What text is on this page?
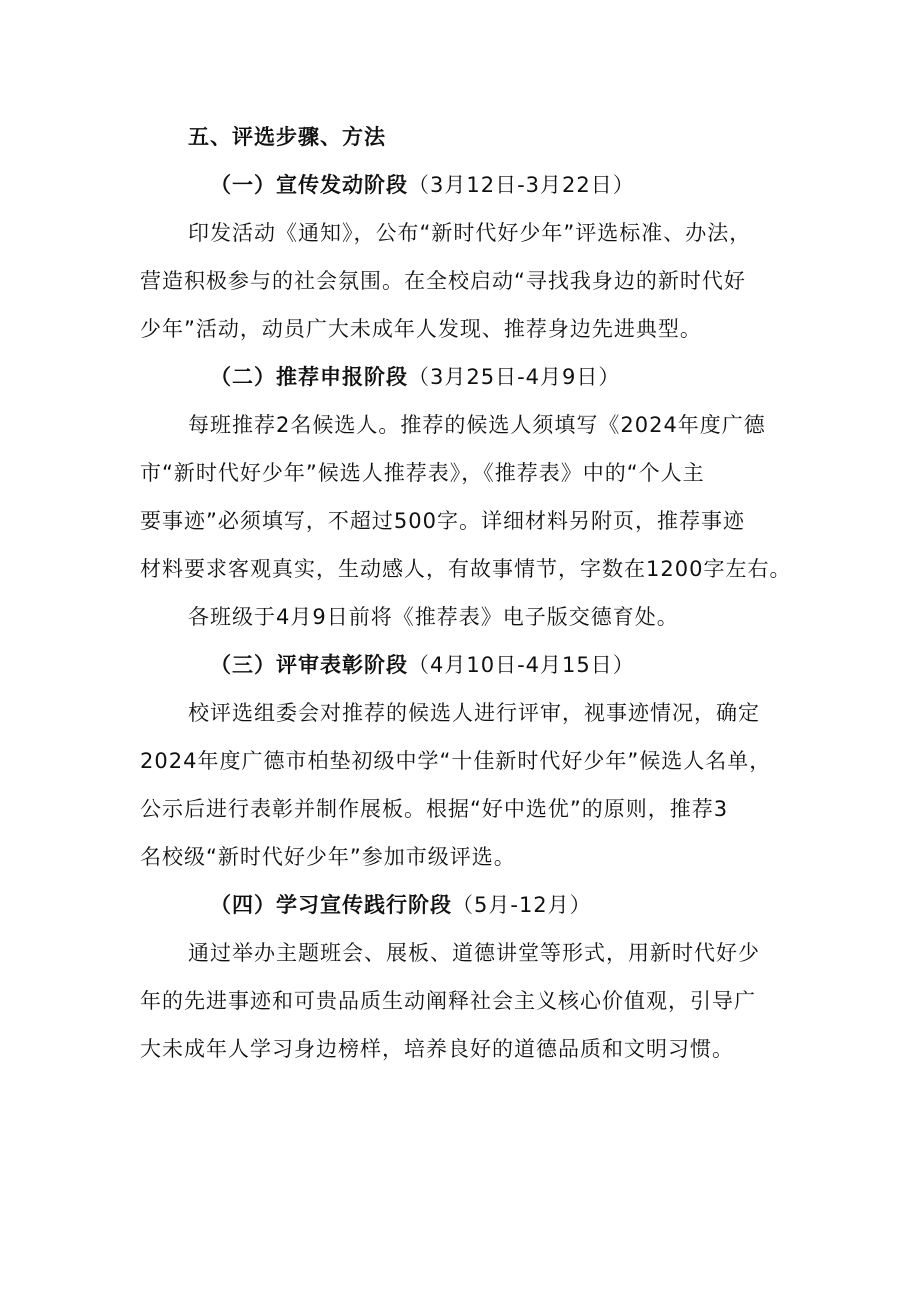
五、评选步骤、方法
（一）宣传发动阶段（3月12日-3月22日）
印发活动《通知》，公布“新时代好少年”评选标准、办法，
营造积极参与的社会氛围。在全校启动“寻找我身边的新时代好
少年”活动，动员广大未成年人发现、推荐身边先进典型。
（二）推荐申报阶段（3月25日-4月9日）
每班推荐2名候选人。推荐的候选人须填写《2024年度广德
市“新时代好少年”候选人推荐表》，《推荐表》中的“个人主
要事迹”必须填写，不超过500字。详细材料另附页，推荐事迹
材料要求客观真实，生动感人，有故事情节，字数在1200字左右。
各班级于4月9日前将《推荐表》电子版交德育处。
（三）评审表彰阶段（4月10日-4月15日）
校评选组委会对推荐的候选人进行评审，视事迹情况，确定
2024年度广德市柏垫初级中学“十佳新时代好少年”候选人名单，
公示后进行表彰并制作展板。根据“好中选优”的原则，推荐3
名校级“新时代好少年”参加市级评选。
（四）学习宣传践行阶段（5月-12月）
通过举办主题班会、展板、道德讲堂等形式，用新时代好少
年的先进事迹和可贵品质生动阐释社会主义核心价值观，引导广
大未成年人学习身边榜样，培养良好的道德品质和文明习惯。
